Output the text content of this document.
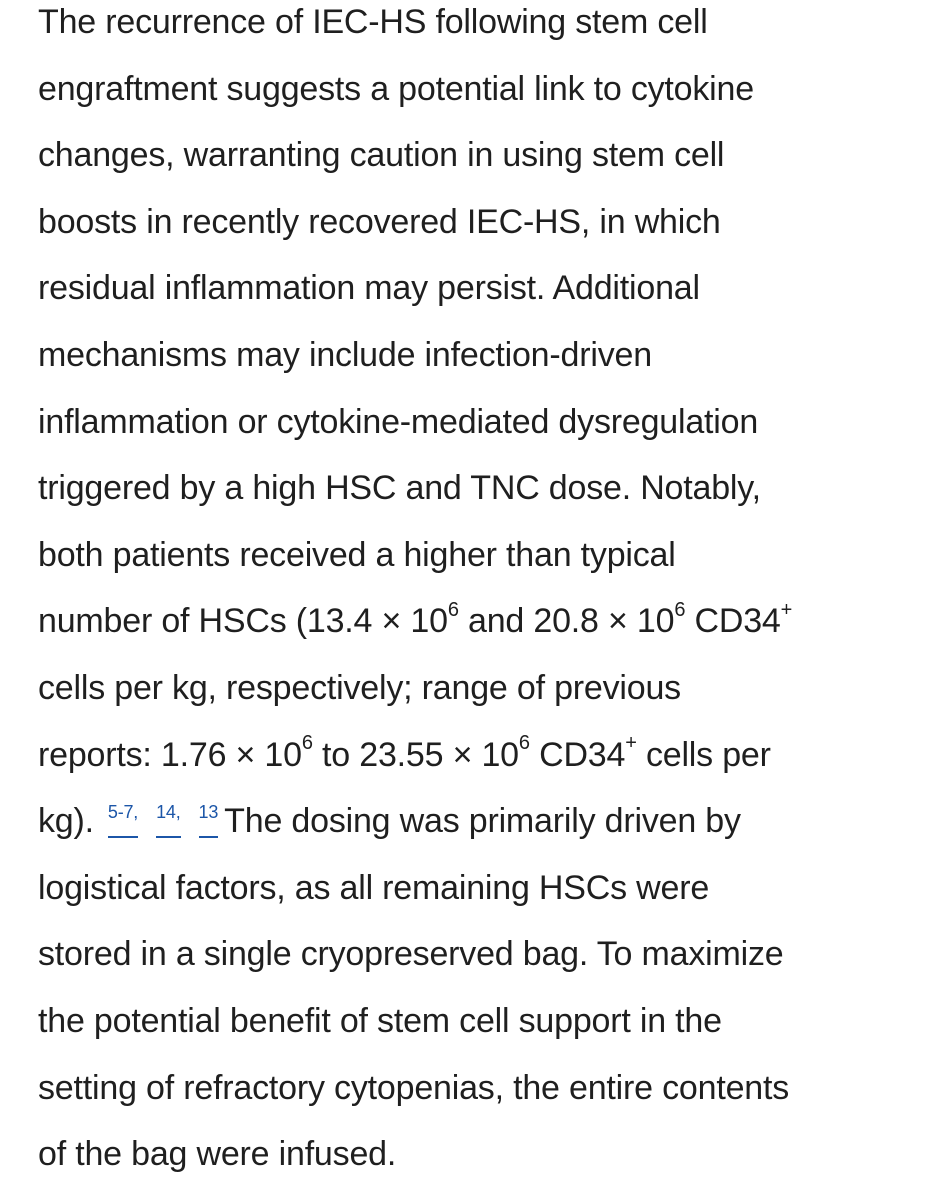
The recurrence of IEC-HS following stem cell
engraftment suggests a potential link to cytokine
changes, warranting caution in using stem cell
boosts in recently recovered IEC-HS, in which
residual inflammation may persist. Additional
mechanisms may include infection-driven
inflammation or cytokine-mediated dysregulation
triggered by a high HSC and TNC dose. Notably,
both patients received a higher than typical
number of HSCs ($13.4 \times 10^6$ and $20.8 \times 10^6$ CD34+
cells per kg, respectively; range of previous
reports: $1.76 \times 10^6$ to $23.55 \times 10^6$ CD34+ cells per
kg). 5-7, 14, 13 The dosing was primarily driven by
logistical factors, as all remaining HSCs were
stored in a single cryopreserved bag. To maximize
the potential benefit of stem cell support in the
setting of refractory cytopenias, the entire contents
of the bag were infused.
